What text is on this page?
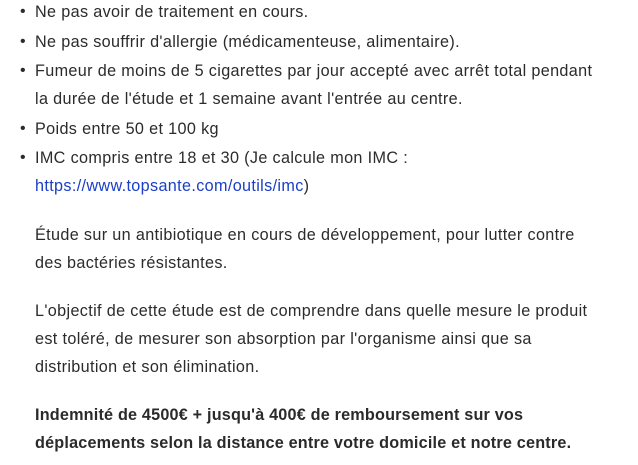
• Ne pas avoir de traitement en cours.
• Ne pas souffrir d'allergie (médicamenteuse, alimentaire).
• Fumeur de moins de 5 cigarettes par jour accepté avec arrêt total pendant la durée de l'étude et 1 semaine avant l'entrée au centre.
• Poids entre 50 et 100 kg
• IMC compris entre 18 et 30 (Je calcule mon IMC :
https://www.topsante.com/outils/imc)

Étude sur un antibiotique en cours de développement, pour lutter contre des bactéries résistantes.

L'objectif de cette étude est de comprendre dans quelle mesure le produit est toléré, de mesurer son absorption par l'organisme ainsi que sa distribution et son élimination.

Indemnité de 4500€ + jusqu'à 400€ de remboursement sur vos déplacements selon la distance entre votre domicile et notre centre.
